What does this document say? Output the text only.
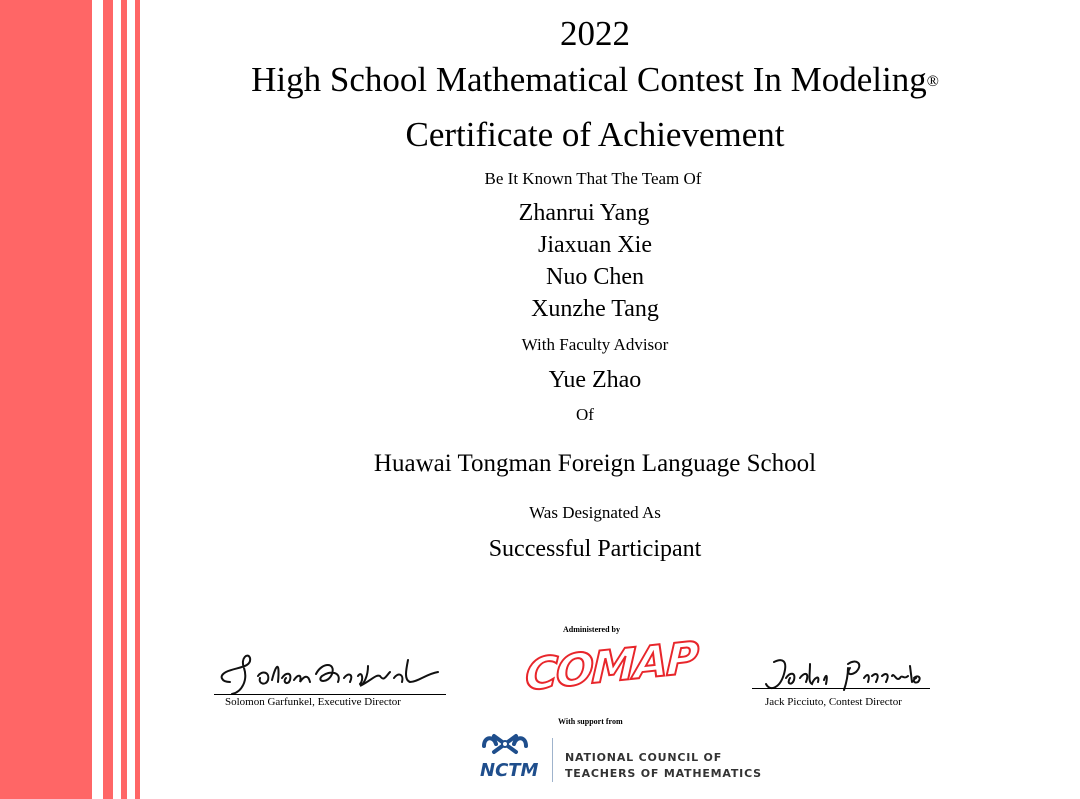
2022
High School Mathematical Contest In Modeling®
Certificate of Achievement
Be It Known That The Team Of
Zhanrui Yang
Jiaxuan Xie
Nuo Chen
Xunzhe Tang
With Faculty Advisor
Yue Zhao
Of
Huawai Tongman Foreign Language School
Was Designated As
Successful Participant
Solomon Garfunkel, Executive Director	Jack Picciuto, Contest Director
Administered by
COMAP
With support from
NCTM
NATIONAL COUNCIL OF
TEACHERS OF MATHEMATICS
